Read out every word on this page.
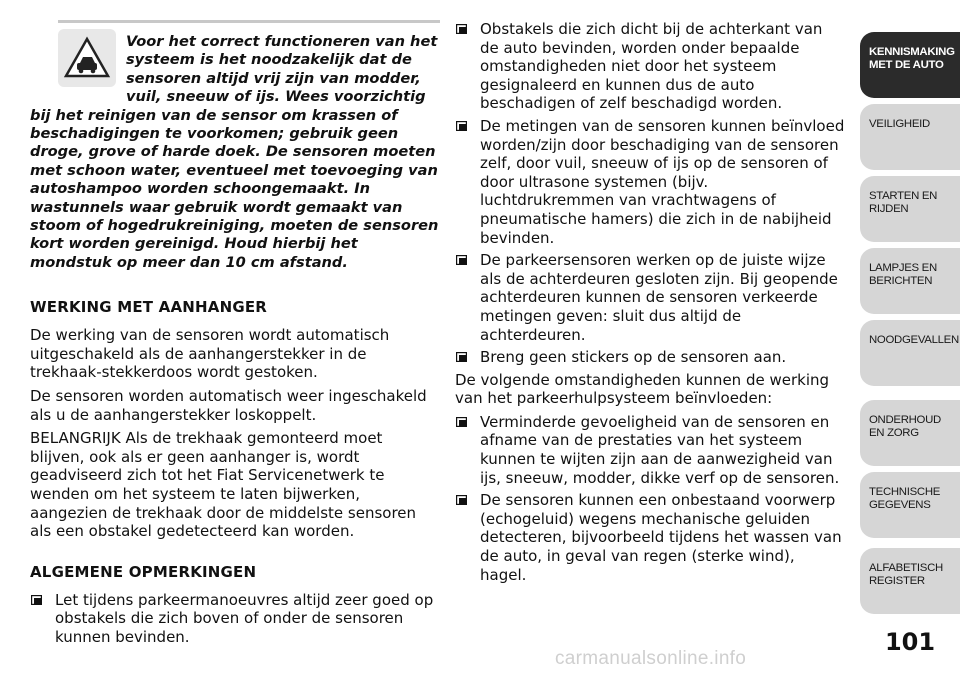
Voor het correct functioneren van het systeem is het noodzakelijk dat de sensoren altijd vrij zijn van modder, vuil, sneeuw of ijs. Wees voorzichtig bij het reinigen van de sensor om krassen of beschadigingen te voorkomen; gebruik geen droge, grove of harde doek. De sensoren moeten met schoon water, eventueel met toevoeging van autoshampoo worden schoongemaakt. In wastunnels waar gebruik wordt gemaakt van stoom of hogedrukreiniging, moeten de sensoren kort worden gereinigd. Houd hierbij het mondstuk op meer dan 10 cm afstand.
WERKING MET AANHANGER

De werking van de sensoren wordt automatisch uitgeschakeld als de aanhangerstekker in de trekhaak-stekkerdoos wordt gestoken.

De sensoren worden automatisch weer ingeschakeld als u de aanhangerstekker loskoppelt.

BELANGRIJK Als de trekhaak gemonteerd moet blijven, ook als er geen aanhanger is, wordt geadviseerd zich tot het Fiat Servicenetwerk te wenden om het systeem te laten bijwerken, aangezien de trekhaak door de middelste sensoren als een obstakel gedetecteerd kan worden.

ALGEMENE OPMERKINGEN
Let tijdens parkeermanoeuvres altijd zeer goed op obstakels die zich boven of onder de sensoren kunnen bevinden.
Obstakels die zich dicht bij de achterkant van de auto bevinden, worden onder bepaalde omstandigheden niet door het systeem gesignaleerd en kunnen dus de auto beschadigen of zelf beschadigd worden.
De metingen van de sensoren kunnen beïnvloed worden/zijn door beschadiging van de sensoren zelf, door vuil, sneeuw of ijs op de sensoren of door ultrasone systemen (bijv. luchtdrukremmen van vrachtwagens of pneumatische hamers) die zich in de nabijheid bevinden.
De parkeersensoren werken op de juiste wijze als de achterdeuren gesloten zijn. Bij geopende achterdeuren kunnen de sensoren verkeerde metingen geven: sluit dus altijd de achterdeuren.
Breng geen stickers op de sensoren aan.

De volgende omstandigheden kunnen de werking van het parkeerhulpsysteem beïnvloeden:

Verminderde gevoeligheid van de sensoren en afname van de prestaties van het systeem kunnen te wijten zijn aan de aanwezigheid van ijs, sneeuw, modder, dikke verf op de sensoren.
De sensoren kunnen een onbestaand voorwerp (echogeluid) wegens mechanische geluiden detecteren, bijvoorbeeld tijdens het wassen van de auto, in geval van regen (sterke wind), hagel.
KENNISMAKING MET DE AUTO
VEILIGHEID
STARTEN EN RIJDEN
LAMPJES EN BERICHTEN
NOODGEVALLEN
ONDERHOUD EN ZORG
TECHNISCHE GEGEVENS
ALFABETISCH REGISTER
101
carmanualsonline.info
